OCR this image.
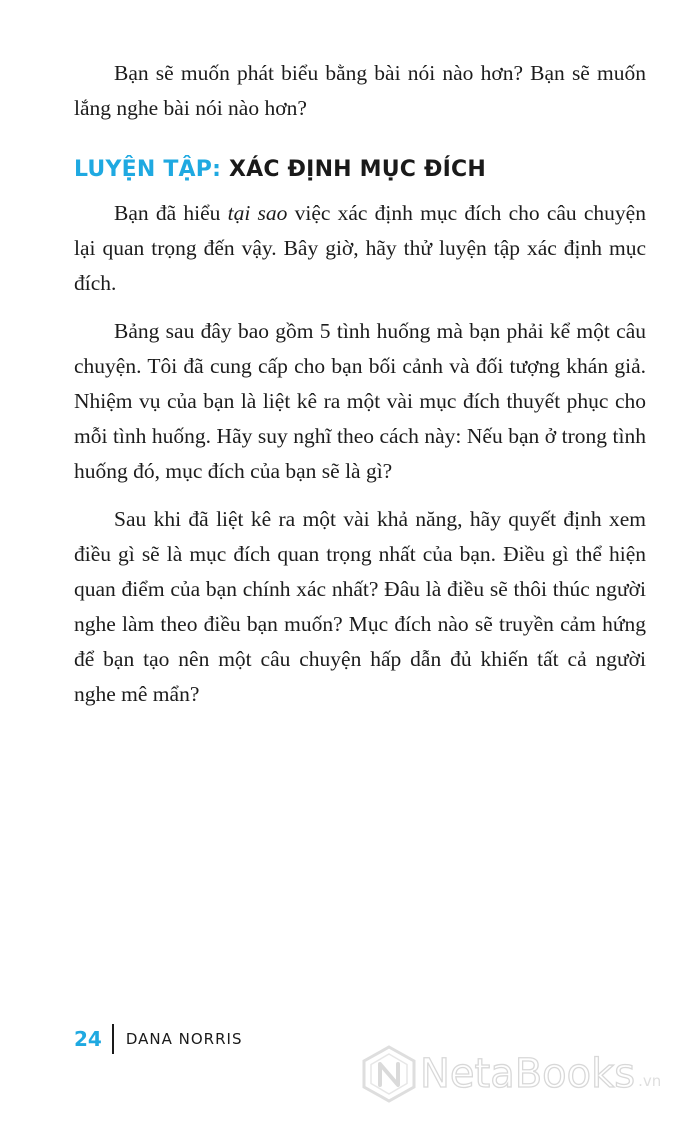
Bạn sẽ muốn phát biểu bằng bài nói nào hơn? Bạn sẽ muốn lắng nghe bài nói nào hơn?

LUYỆN TẬP: XÁC ĐỊNH MỤC ĐÍCH

Bạn đã hiểu tại sao việc xác định mục đích cho câu chuyện lại quan trọng đến vậy. Bây giờ, hãy thử luyện tập xác định mục đích.

Bảng sau đây bao gồm 5 tình huống mà bạn phải kể một câu chuyện. Tôi đã cung cấp cho bạn bối cảnh và đối tượng khán giả. Nhiệm vụ của bạn là liệt kê ra một vài mục đích thuyết phục cho mỗi tình huống. Hãy suy nghĩ theo cách này: Nếu bạn ở trong tình huống đó, mục đích của bạn sẽ là gì?

Sau khi đã liệt kê ra một vài khả năng, hãy quyết định xem điều gì sẽ là mục đích quan trọng nhất của bạn. Điều gì thể hiện quan điểm của bạn chính xác nhất? Đâu là điều sẽ thôi thúc người nghe làm theo điều bạn muốn? Mục đích nào sẽ truyền cảm hứng để bạn tạo nên một câu chuyện hấp dẫn đủ khiến tất cả người nghe mê mẩn?

24 DANA NORRIS
NetaBooks .vn
